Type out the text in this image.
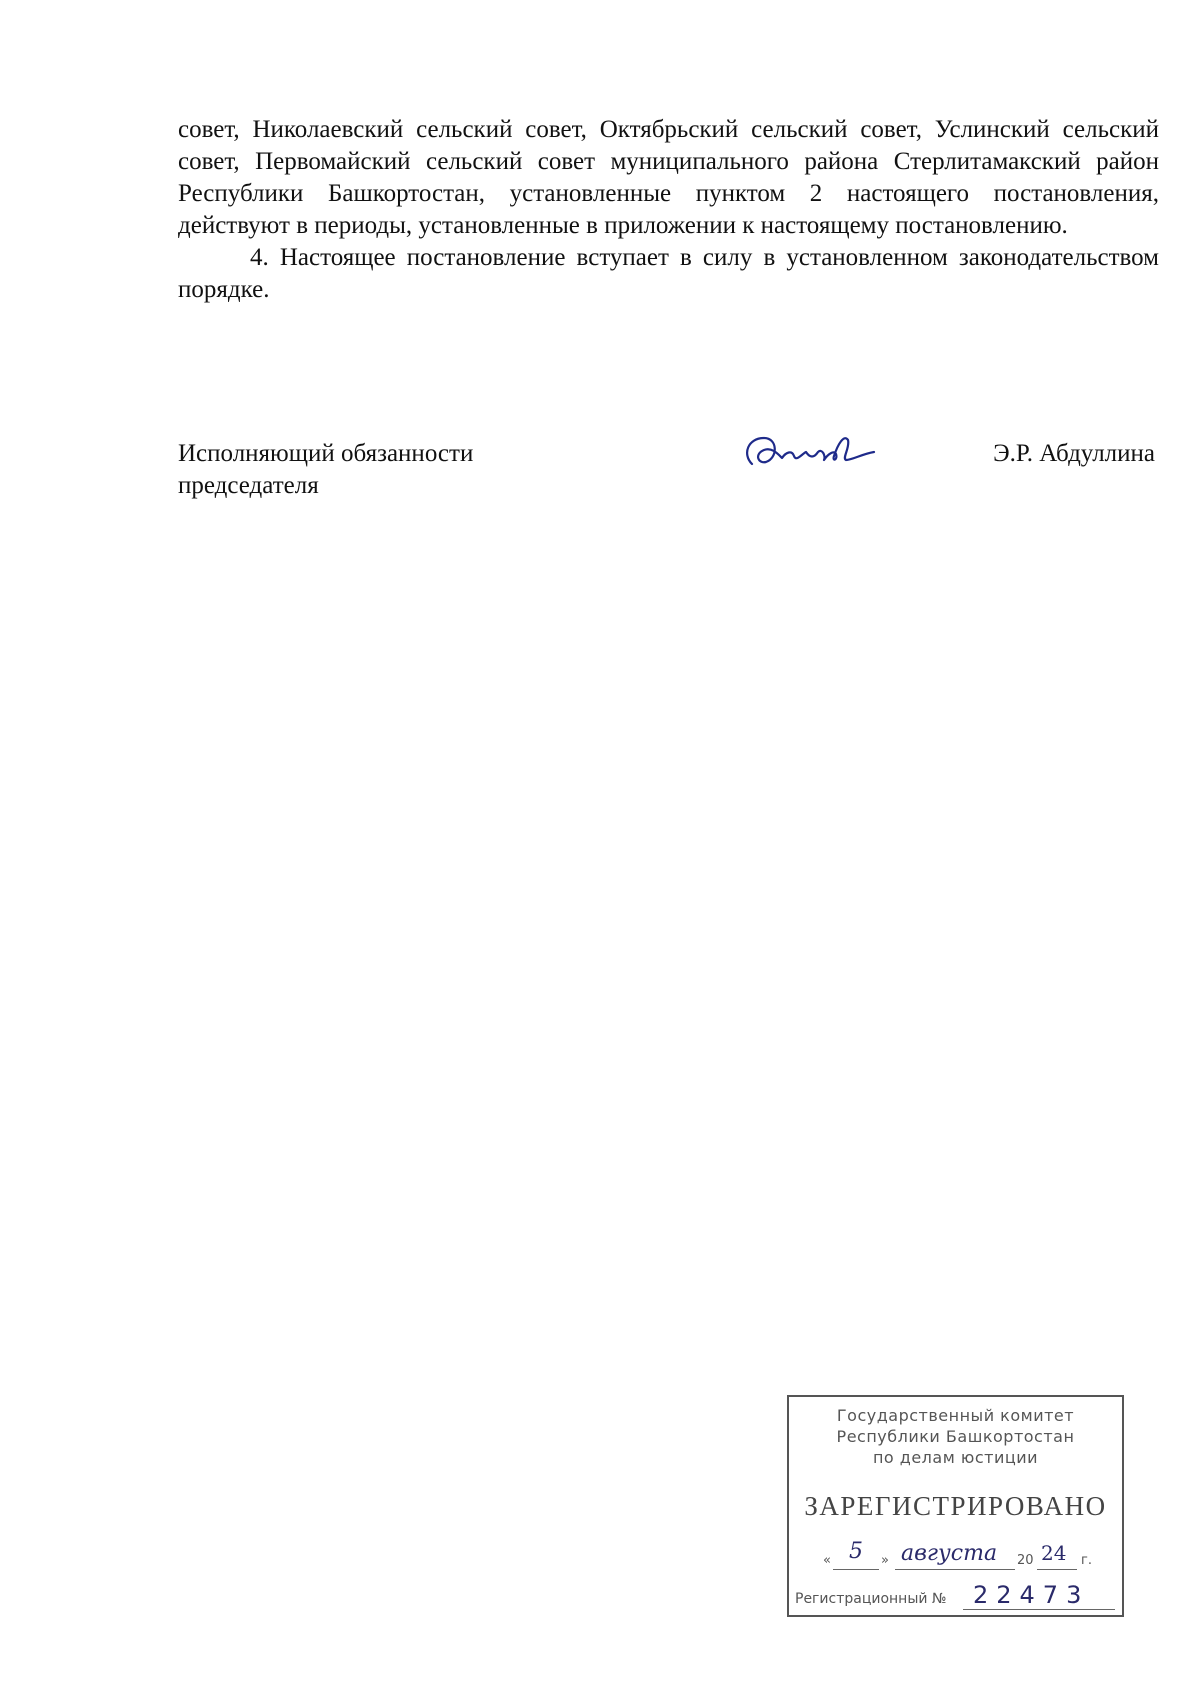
совет, Николаевский сельский совет, Октябрьский сельский совет, Услинский сельский совет, Первомайский сельский совет муниципального района Стерлитамакский район Республики Башкортостан, установленные пунктом 2 настоящего постановления, действуют в периоды, установленные в приложении к настоящему постановлению.

4. Настоящее постановление вступает в силу в установленном законодательством порядке.

Исполняющий обязанности
председателя
Э.Р. Абдуллина
Государственный комитет
Республики Башкортостан
по делам юстиции
ЗАРЕГИСТРИРОВАНО
« 5 » августа 20 24 г.
Регистрационный № 22473
